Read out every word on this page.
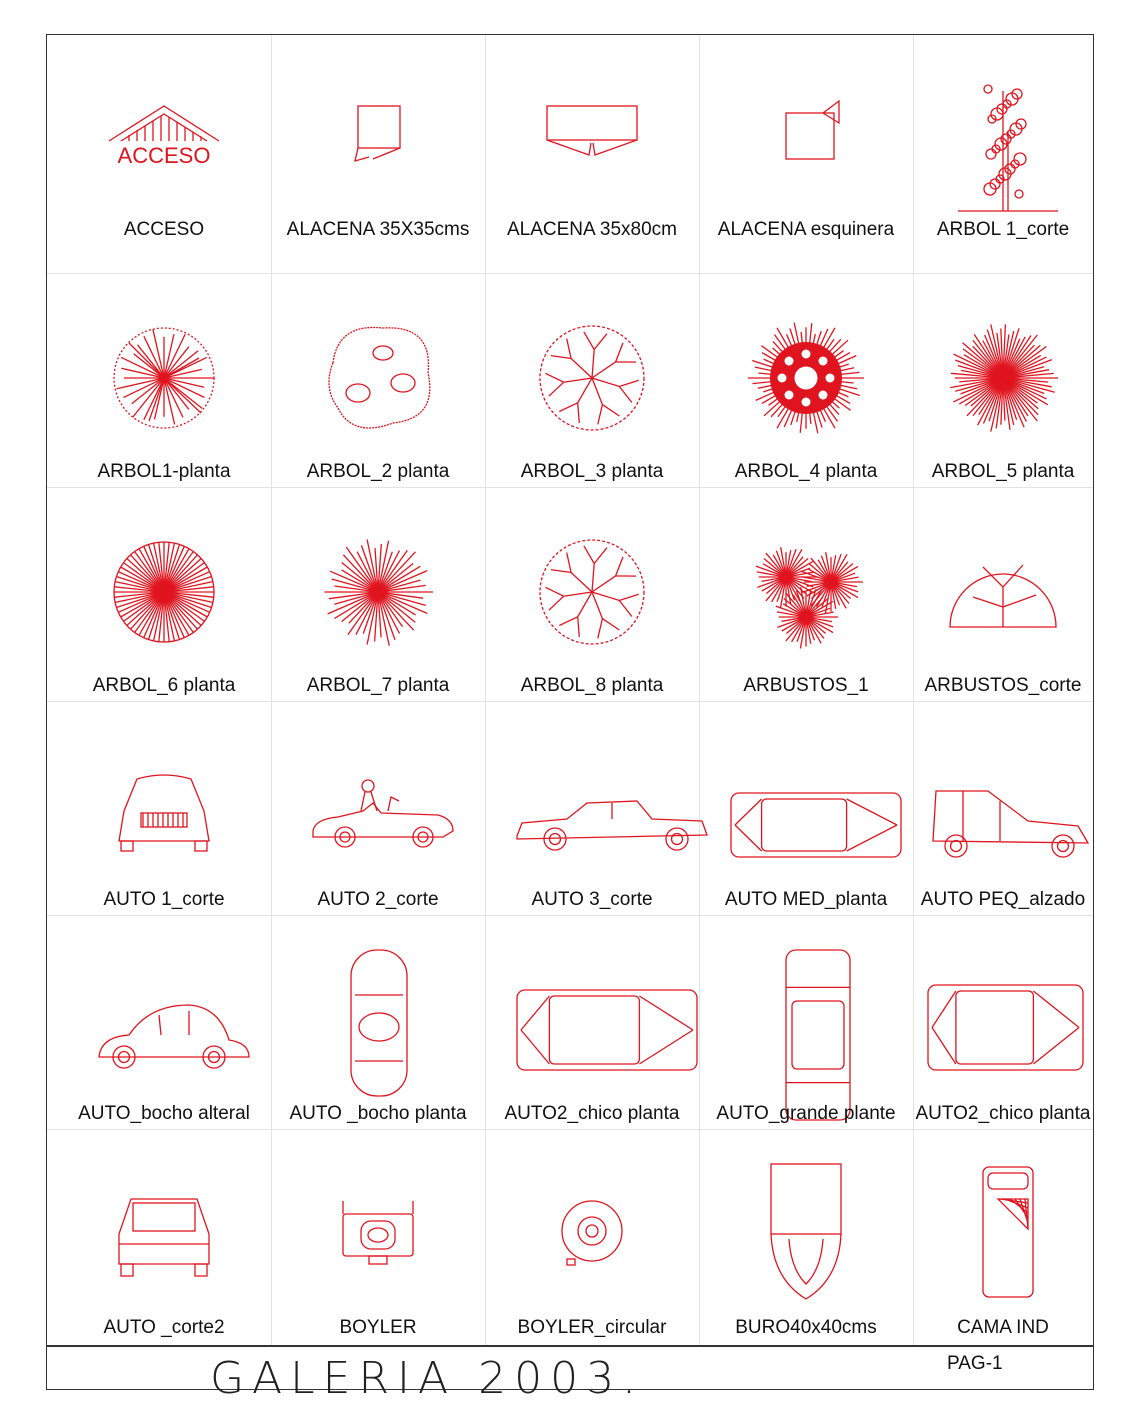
ACCESO
ACCESO	ALACENA 35X35cms	ALACENA 35x80cm	ALACENA esquinera	ARBOL 1_corte
ARBOL1-planta	ARBOL_2 planta	ARBOL_3 planta	ARBOL_4 planta	ARBOL_5 planta
ARBOL_6 planta	ARBOL_7 planta	ARBOL_8 planta	ARBUSTOS_1	ARBUSTOS_corte
AUTO 1_corte	AUTO 2_corte	AUTO 3_corte	AUTO MED_planta	AUTO PEQ_alzado
AUTO_bocho alteral	AUTO _bocho planta	AUTO2_chico planta	AUTO_grande plante	AUTO2_chico planta
AUTO _corte2	BOYLER	BOYLER_circular	BURO40x40cms	CAMA IND
GALERIA 2003.	PAG-1
